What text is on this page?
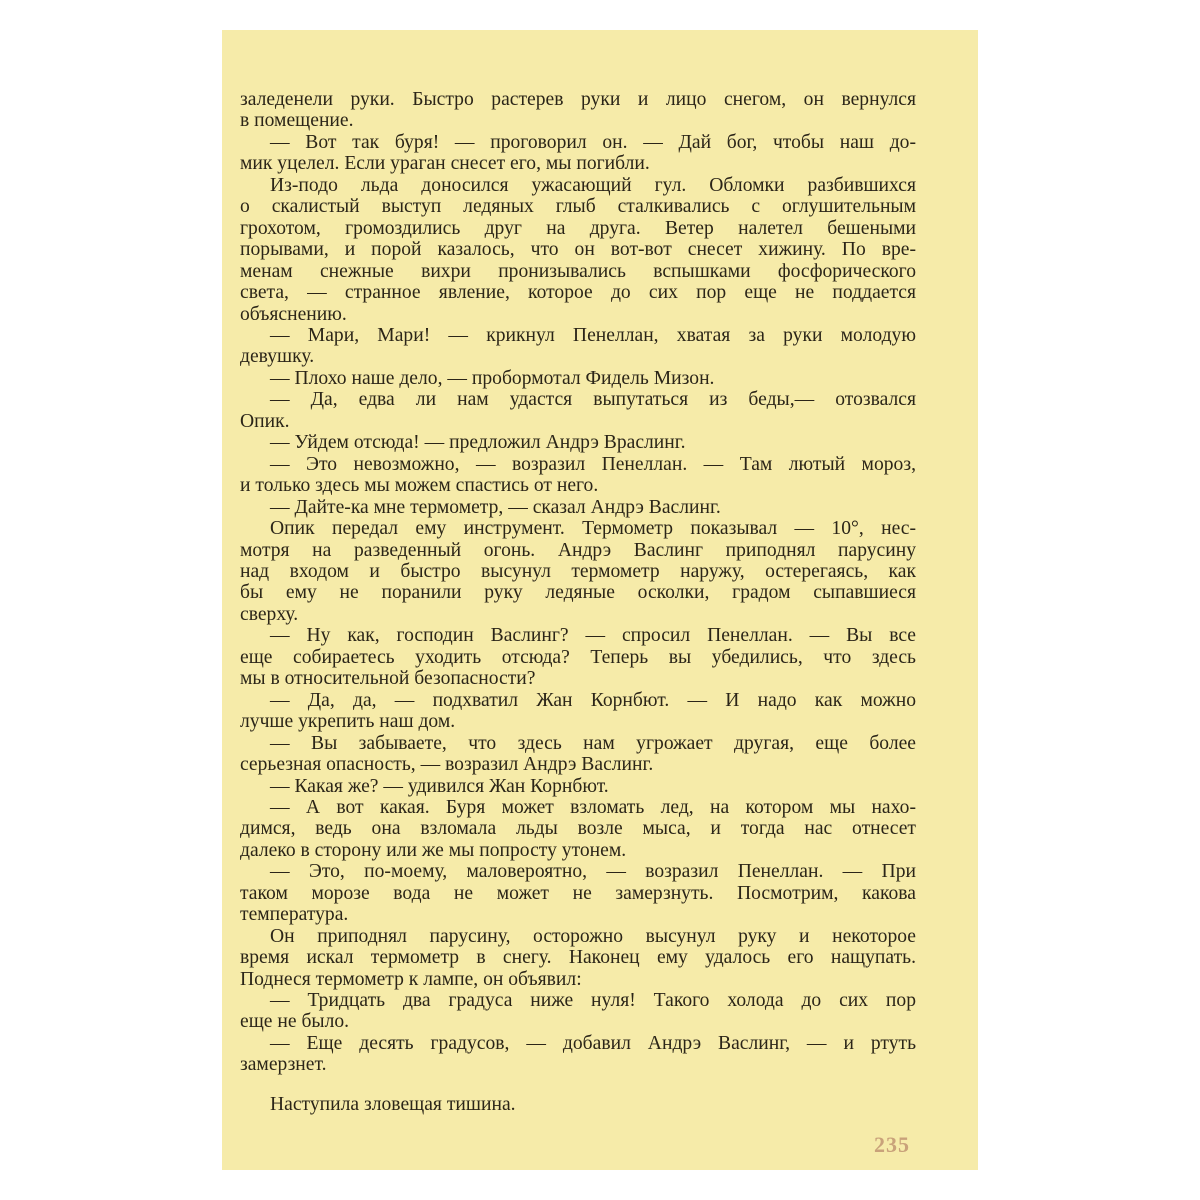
заледенели руки. Быстро растерев руки и лицо снегом, он вернулся
в помещение.
— Вот так буря! — проговорил он. — Дай бог, чтобы наш до-
мик уцелел. Если ураган снесет его, мы погибли.
Из-подо льда доносился ужасающий гул. Обломки разбившихся
о скалистый выступ ледяных глыб сталкивались с оглушительным
грохотом, громоздились друг на друга. Ветер налетел бешеными
порывами, и порой казалось, что он вот-вот снесет хижину. По вре-
менам снежные вихри пронизывались вспышками фосфорического
света, — странное явление, которое до сих пор еще не поддается
объяснению.
— Мари, Мари! — крикнул Пенеллан, хватая за руки молодую
девушку.
— Плохо наше дело, — пробормотал Фидель Мизон.
— Да, едва ли нам удастся выпутаться из беды,— отозвался
Опик.
— Уйдем отсюда! — предложил Андрэ Враслинг.
— Это невозможно, — возразил Пенеллан. — Там лютый мороз,
и только здесь мы можем спастись от него.
— Дайте-ка мне термометр, — сказал Андрэ Васлинг.
Опик передал ему инструмент. Термометр показывал — 10°, нес-
мотря на разведенный огонь. Андрэ Васлинг приподнял парусину
над входом и быстро высунул термометр наружу, остерегаясь, как
бы ему не поранили руку ледяные осколки, градом сыпавшиеся
сверху.
— Ну как, господин Васлинг? — спросил Пенеллан. — Вы все
еще собираетесь уходить отсюда? Теперь вы убедились, что здесь
мы в относительной безопасности?
— Да, да, — подхватил Жан Корнбют. — И надо как можно
лучше укрепить наш дом.
— Вы забываете, что здесь нам угрожает другая, еще более
серьезная опасность, — возразил Андрэ Васлинг.
— Какая же? — удивился Жан Корнбют.
— А вот какая. Буря может взломать лед, на котором мы нахо-
димся, ведь она взломала льды возле мыса, и тогда нас отнесет
далеко в сторону или же мы попросту утонем.
— Это, по-моему, маловероятно, — возразил Пенеллан. — При
таком морозе вода не может не замерзнуть. Посмотрим, какова
температура.
Он приподнял парусину, осторожно высунул руку и некоторое
время искал термометр в снегу. Наконец ему удалось его нащупать.
Поднеся термометр к лампе, он объявил:
— Тридцать два градуса ниже нуля! Такого холода до сих пор
еще не было.
— Еще десять градусов, — добавил Андрэ Васлинг, — и ртуть
замерзнет.
Наступила зловещая тишина.
235
